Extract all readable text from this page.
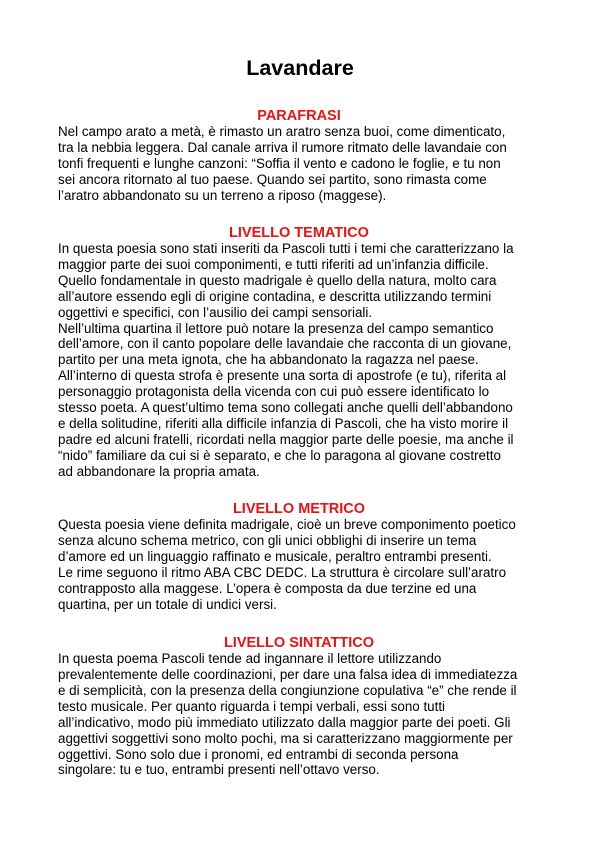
Lavandare
PARAFRASI

Nel campo arato a metà, è rimasto un aratro senza buoi, come dimenticato,
tra la nebbia leggera. Dal canale arriva il rumore ritmato delle lavandaie con
tonfi frequenti e lunghe canzoni: “Soffia il vento e cadono le foglie, e tu non
sei ancora ritornato al tuo paese. Quando sei partito, sono rimasta come
l’aratro abbandonato su un terreno a riposo (maggese).

LIVELLO TEMATICO

In questa poesia sono stati inseriti da Pascoli tutti i temi che caratterizzano la
maggior parte dei suoi componimenti, e tutti riferiti ad un’infanzia difficile.
Quello fondamentale in questo madrigale è quello della natura, molto cara
all’autore essendo egli di origine contadina, e descritta utilizzando termini
oggettivi e specifici, con l’ausilio dei campi sensoriali.
Nell’ultima quartina il lettore può notare la presenza del campo semantico
dell’amore, con il canto popolare delle lavandaie che racconta di un giovane,
partito per una meta ignota, che ha abbandonato la ragazza nel paese.
All’interno di questa strofa è presente una sorta di apostrofe (e tu), riferita al
personaggio protagonista della vicenda con cui può essere identificato lo
stesso poeta. A quest’ultimo tema sono collegati anche quelli dell’abbandono
e della solitudine, riferiti alla difficile infanzia di Pascoli, che ha visto morire il
padre ed alcuni fratelli, ricordati nella maggior parte delle poesie, ma anche il
“nido” familiare da cui si è separato, e che lo paragona al giovane costretto
ad abbandonare la propria amata.

LIVELLO METRICO

Questa poesia viene definita madrigale, cioè un breve componimento poetico
senza alcuno schema metrico, con gli unici obblighi di inserire un tema
d’amore ed un linguaggio raffinato e musicale, peraltro entrambi presenti.
Le rime seguono il ritmo ABA CBC DEDC. La struttura è circolare sull’aratro
contrapposto alla maggese. L’opera è composta da due terzine ed una
quartina, per un totale di undici versi.

LIVELLO SINTATTICO

In questa poema Pascoli tende ad ingannare il lettore utilizzando
prevalentemente delle coordinazioni, per dare una falsa idea di immediatezza
e di semplicità, con la presenza della congiunzione copulativa “e” che rende il
testo musicale. Per quanto riguarda i tempi verbali, essi sono tutti
all’indicativo, modo più immediato utilizzato dalla maggior parte dei poeti. Gli
aggettivi soggettivi sono molto pochi, ma si caratterizzano maggiormente per
oggettivi. Sono solo due i pronomi, ed entrambi di seconda persona
singolare: tu e tuo, entrambi presenti nell’ottavo verso.
